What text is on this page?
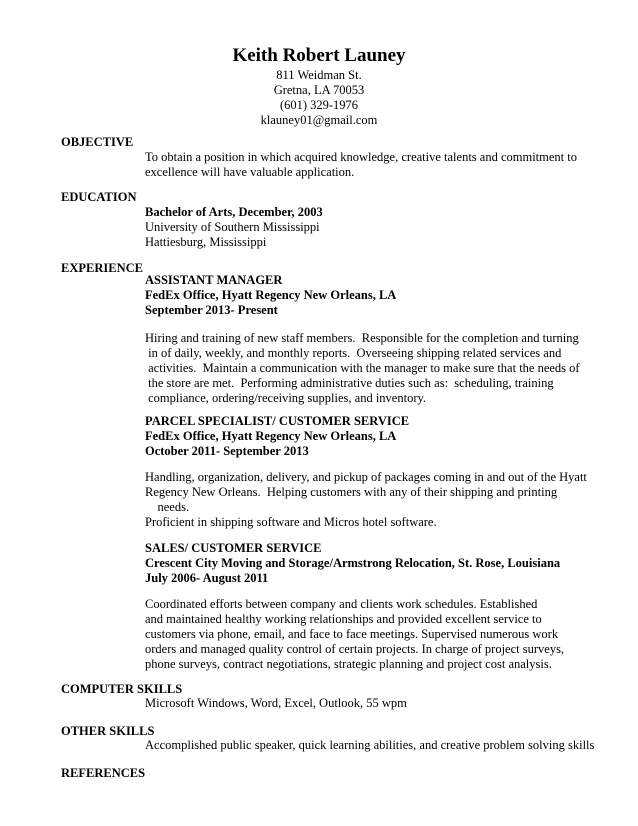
Keith Robert Launey
811 Weidman St.
Gretna, LA 70053
(601) 329-1976
klauney01@gmail.com
OBJECTIVE
To obtain a position in which acquired knowledge, creative talents and commitment to
excellence will have valuable application.
EDUCATION
Bachelor of Arts, December, 2003
University of Southern Mississippi
Hattiesburg, Mississippi
EXPERIENCE
ASSISTANT MANAGER
FedEx Office, Hyatt Regency New Orleans, LA
September 2013- Present
Hiring and training of new staff members.  Responsible for the completion and turning
in of daily, weekly, and monthly reports.  Overseeing shipping related services and
activities.  Maintain a communication with the manager to make sure that the needs of
the store are met.  Performing administrative duties such as:  scheduling, training
compliance, ordering/receiving supplies, and inventory.
PARCEL SPECIALIST/ CUSTOMER SERVICE
FedEx Office, Hyatt Regency New Orleans, LA
October 2011- September 2013
Handling, organization, delivery, and pickup of packages coming in and out of the Hyatt
Regency New Orleans.  Helping customers with any of their shipping and printing
needs.
Proficient in shipping software and Micros hotel software.
SALES/ CUSTOMER SERVICE
Crescent City Moving and Storage/Armstrong Relocation, St. Rose, Louisiana
July 2006- August 2011
Coordinated efforts between company and clients work schedules. Established
and maintained healthy working relationships and provided excellent service to
customers via phone, email, and face to face meetings. Supervised numerous work
orders and managed quality control of certain projects. In charge of project surveys,
phone surveys, contract negotiations, strategic planning and project cost analysis.
COMPUTER SKILLS
Microsoft Windows, Word, Excel, Outlook, 55 wpm
OTHER SKILLS
Accomplished public speaker, quick learning abilities, and creative problem solving skills
REFERENCES
